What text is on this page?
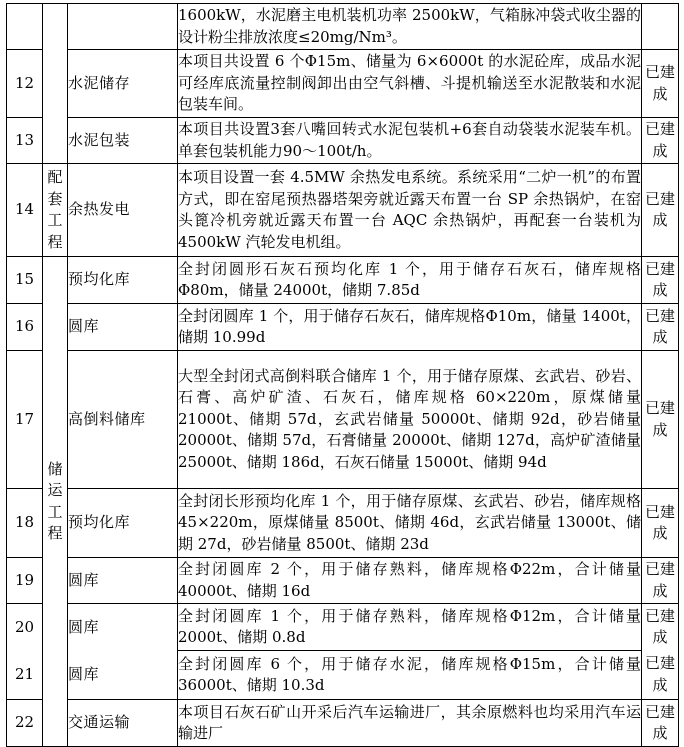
			1600kW，水泥磨主电机装机功率 2500kW，气箱脉冲袋式收尘器的设计粉尘排放浓度≤20mg/Nm³。	
12		水泥储存	本项目共设置 6 个Φ15m、储量为 6×6000t 的水泥砼库，成品水泥可经库底流量控制阀卸出由空气斜槽、斗提机输送至水泥散装和水泥包装车间。	已建成
13		水泥包装	本项目共设置3套八嘴回转式水泥包装机+6套自动袋装水泥装车机。单套包装机能力90～100t/h。	已建成
14	配套工程	余热发电	本项目设置一套 4.5MW 余热发电系统。系统采用“二炉一机”的布置方式，即在窑尾预热器塔架旁就近露天布置一台 SP 余热锅炉，在窑头篦冷机旁就近露天布置一台 AQC 余热锅炉，再配套一台装机为 4500kW 汽轮发电机组。	已建成
15	储运工程	预均化库	全封闭圆形石灰石预均化库 1 个，用于储存石灰石，储库规格Φ80m，储量 24000t，储期 7.85d	已建成
16		圆库	全封闭圆库 1 个，用于储存石灰石，储库规格Φ10m，储量 1400t，储期 10.99d	已建成
17		高倒料储库	大型全封闭式高倒料联合储库 1 个，用于储存原煤、玄武岩、砂岩、石膏、高炉矿渣、石灰石，储库规格 60×220m，原煤储量 21000t、储期 57d，玄武岩储量 50000t、储期 92d，砂岩储量 20000t、储期 57d，石膏储量 20000t、储期 127d，高炉矿渣储量 25000t、储期 186d，石灰石储量 15000t、储期 94d	已建成
18		预均化库	全封闭长形预均化库 1 个，用于储存原煤、玄武岩、砂岩，储库规格 45×220m，原煤储量 8500t、储期 46d，玄武岩储量 13000t、储期 27d，砂岩储量 8500t、储期 23d	已建成
19		圆库	全封闭圆库 2 个，用于储存熟料，储库规格Φ22m，合计储量 40000t、储期 16d	已建成
20		圆库	全封闭圆库 1 个，用于储存熟料，储库规格Φ12m，合计储量 2000t、储期 0.8d	已建成
21		圆库	全封闭圆库 6 个，用于储存水泥，储库规格Φ15m，合计储量 36000t、储期 10.3d	已建成
22		交通运输	本项目石灰石矿山开采后汽车运输进厂，其余原燃料也均采用汽车运输进厂	已建成
